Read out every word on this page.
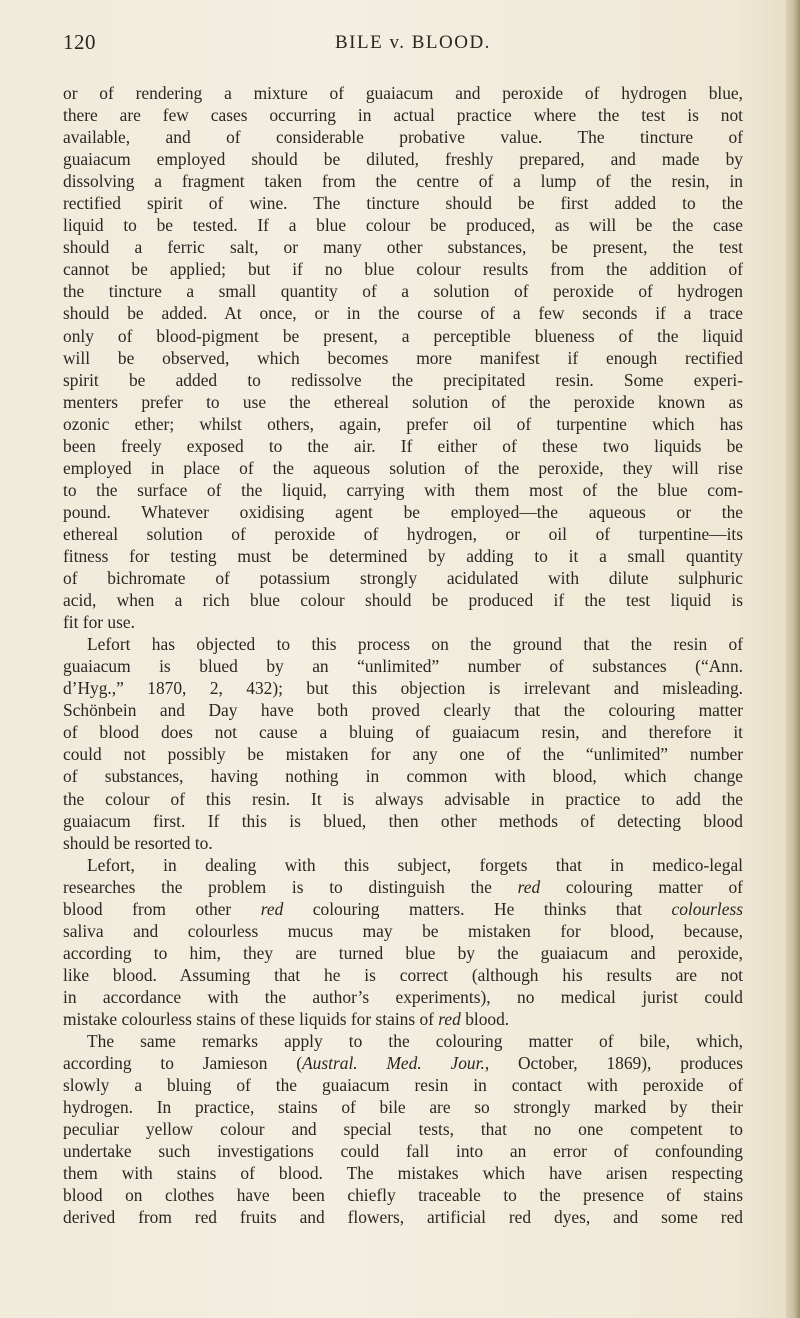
120	BILE v. BLOOD.

or of rendering a mixture of guaiacum and peroxide of hydrogen blue,

there are few cases occurring in actual practice where the test is not

available, and of considerable probative value. The tincture of

guaiacum employed should be diluted, freshly prepared, and made by

dissolving a fragment taken from the centre of a lump of the resin, in

rectified spirit of wine. The tincture should be first added to the

liquid to be tested. If a blue colour be produced, as will be the case

should a ferric salt, or many other substances, be present, the test

cannot be applied; but if no blue colour results from the addition of

the tincture a small quantity of a solution of peroxide of hydrogen

should be added. At once, or in the course of a few seconds if a trace

only of blood-pigment be present, a perceptible blueness of the liquid

will be observed, which becomes more manifest if enough rectified

spirit be added to redissolve the precipitated resin. Some experi-

menters prefer to use the ethereal solution of the peroxide known as

ozonic ether; whilst others, again, prefer oil of turpentine which has

been freely exposed to the air. If either of these two liquids be

employed in place of the aqueous solution of the peroxide, they will rise

to the surface of the liquid, carrying with them most of the blue com-

pound. Whatever oxidising agent be employed—the aqueous or the

ethereal solution of peroxide of hydrogen, or oil of turpentine—its

fitness for testing must be determined by adding to it a small quantity

of bichromate of potassium strongly acidulated with dilute sulphuric

acid, when a rich blue colour should be produced if the test liquid is

fit for use.

Lefort has objected to this process on the ground that the resin of

guaiacum is blued by an “unlimited” number of substances (“Ann.

d’Hyg.,” 1870, 2, 432); but this objection is irrelevant and misleading.

Schönbein and Day have both proved clearly that the colouring matter

of blood does not cause a bluing of guaiacum resin, and therefore it

could not possibly be mistaken for any one of the “unlimited” number

of substances, having nothing in common with blood, which change

the colour of this resin. It is always advisable in practice to add the

guaiacum first. If this is blued, then other methods of detecting blood

should be resorted to.

Lefort, in dealing with this subject, forgets that in medico-legal

researches the problem is to distinguish the red colouring matter of

blood from other red colouring matters. He thinks that colourless

saliva and colourless mucus may be mistaken for blood, because,

according to him, they are turned blue by the guaiacum and peroxide,

like blood. Assuming that he is correct (although his results are not

in accordance with the author’s experiments), no medical jurist could

mistake colourless stains of these liquids for stains of red blood.

The same remarks apply to the colouring matter of bile, which,

according to Jamieson (Austral. Med. Jour., October, 1869), produces

slowly a bluing of the guaiacum resin in contact with peroxide of

hydrogen. In practice, stains of bile are so strongly marked by their

peculiar yellow colour and special tests, that no one competent to

undertake such investigations could fall into an error of confounding

them with stains of blood. The mistakes which have arisen respecting

blood on clothes have been chiefly traceable to the presence of stains

derived from red fruits and flowers, artificial red dyes, and some red
